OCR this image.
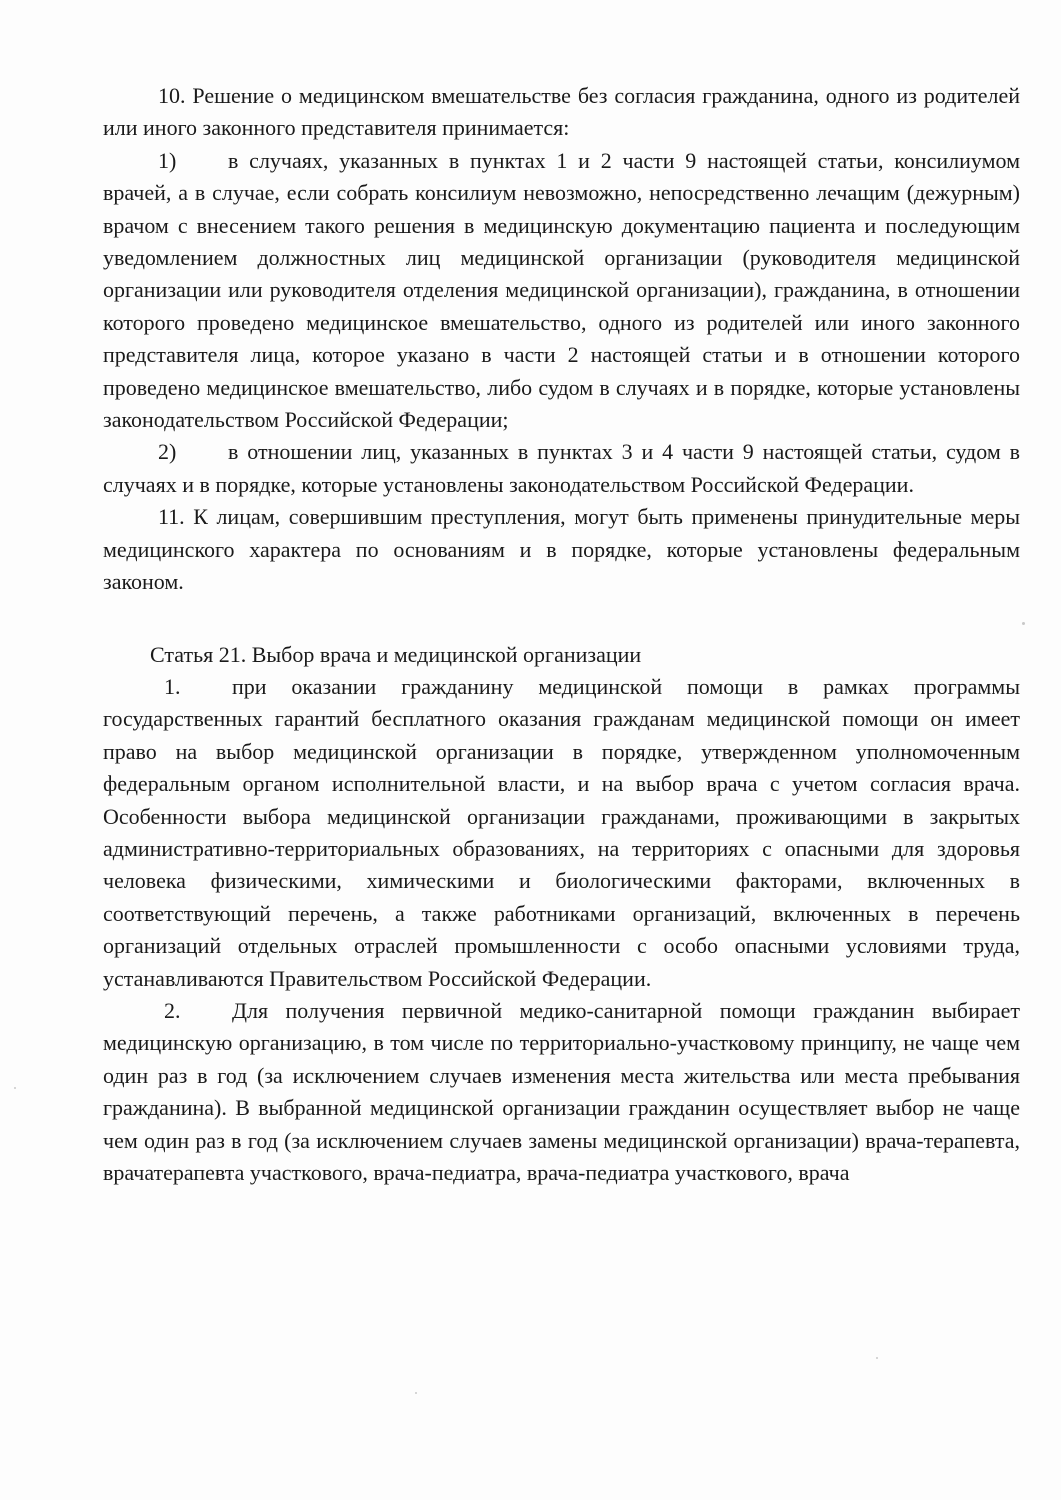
10. Решение о медицинском вмешательстве без согласия гражданина, одного из родителей или иного законного представителя принимается:

1) в случаях, указанных в пунктах 1 и 2 части 9 настоящей статьи, консилиумом врачей, а в случае, если собрать консилиум невозможно, непосредственно лечащим (дежурным) врачом с внесением такого решения в медицинскую документацию пациента и последующим уведомлением должностных лиц медицинской организации (руководителя медицинской организации или руководителя отделения медицинской организации), гражданина, в отношении которого проведено медицинское вмешательство, одного из родителей или иного законного представителя лица, которое указано в части 2 настоящей статьи и в отношении которого проведено медицинское вмешательство, либо судом в случаях и в порядке, которые установлены законодательством Российской Федерации;

2) в отношении лиц, указанных в пунктах 3 и 4 части 9 настоящей статьи, судом в случаях и в порядке, которые установлены законодательством Российской Федерации.

11. К лицам, совершившим преступления, могут быть применены принудительные меры медицинского характера по основаниям и в порядке, которые установлены федеральным законом.

Статья 21. Выбор врача и медицинской организации

1. при оказании гражданину медицинской помощи в рамках программы государственных гарантий бесплатного оказания гражданам медицинской помощи он имеет право на выбор медицинской организации в порядке, утвержденном уполномоченным федеральным органом исполнительной власти, и на выбор врача с учетом согласия врача. Особенности выбора медицинской организации гражданами, проживающими в закрытых административно-территориальных образованиях, на территориях с опасными для здоровья человека физическими, химическими и биологическими факторами, включенных в соответствующий перечень, а также работниками организаций, включенных в перечень организаций отдельных отраслей промышленности с особо опасными условиями труда, устанавливаются Правительством Российской Федерации.

2. Для получения первичной медико-санитарной помощи гражданин выбирает медицинскую организацию, в том числе по территориально-участковому принципу, не чаще чем один раз в год (за исключением случаев изменения места жительства или места пребывания гражданина). В выбранной медицинской организации гражданин осуществляет выбор не чаще чем один раз в год (за исключением случаев замены медицинской организации) врача-терапевта, врачатерапевта участкового, врача-педиатра, врача-педиатра участкового, врача
